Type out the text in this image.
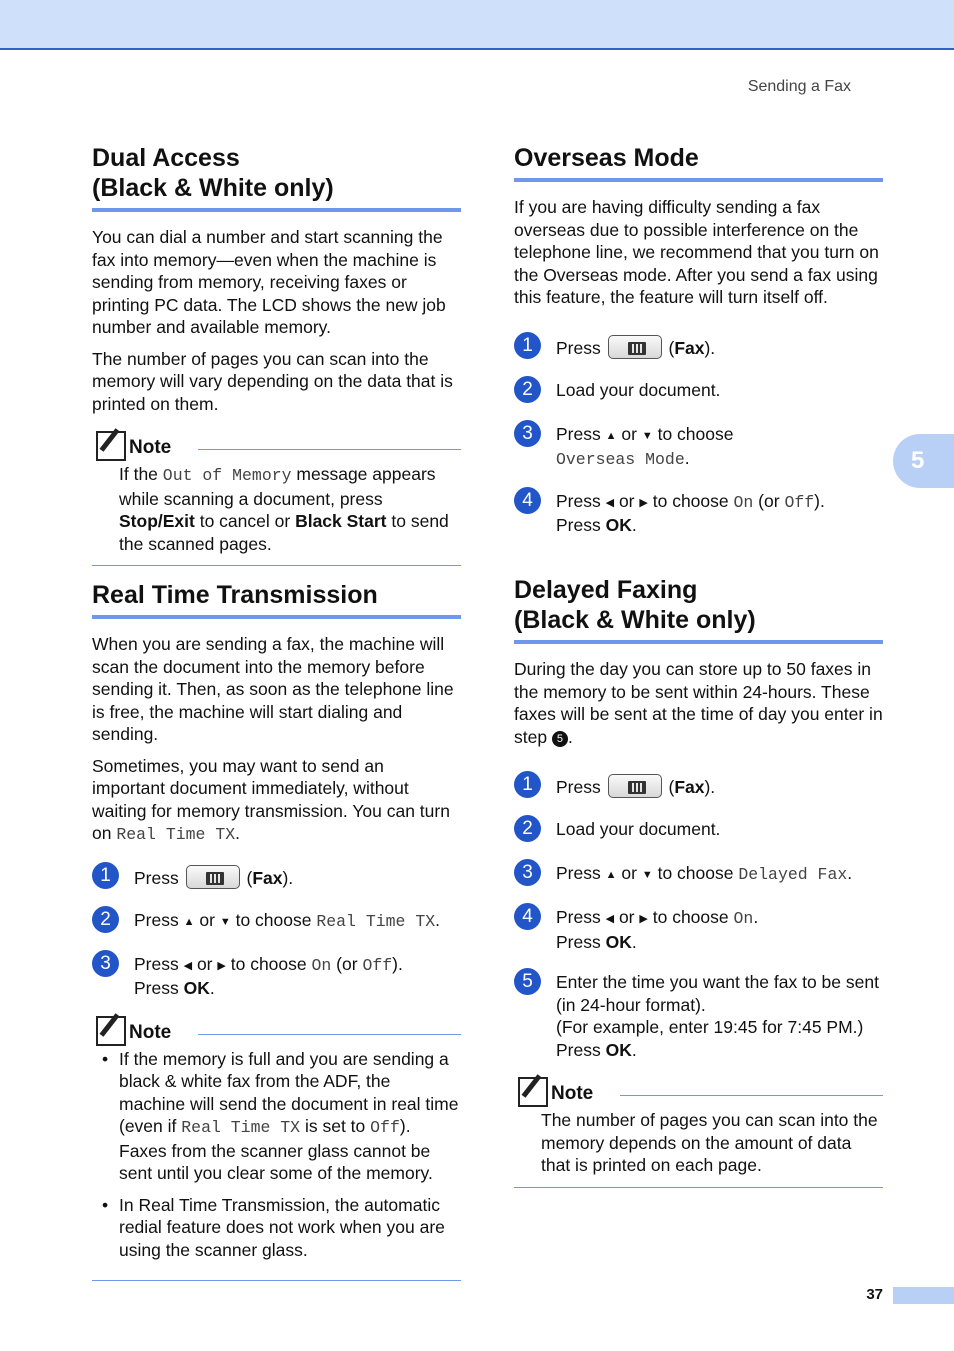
Sending a Fax
5
37
Dual Access
(Black & White only)

You can dial a number and start scanning the fax into memory—even when the machine is sending from memory, receiving faxes or printing PC data. The LCD shows the new job number and available memory.

The number of pages you can scan into the memory will vary depending on the data that is printed on them.

Note
If the Out of Memory message appears while scanning a document, press Stop/Exit to cancel or Black Start to send the scanned pages.
Real Time Transmission

When you are sending a fax, the machine will scan the document into the memory before sending it. Then, as soon as the telephone line is free, the machine will start dialing and sending.

Sometimes, you may want to send an important document immediately, without waiting for memory transmission. You can turn on Real Time TX.

1	Press	(Fax).
2	Press ▲ or ▼ to choose Real Time TX.
3	Press ◀ or ▶ to choose On (or Off).
Press OK.
Note
• If the memory is full and you are sending a black & white fax from the ADF, the machine will send the document in real time (even if Real Time TX is set to Off). Faxes from the scanner glass cannot be sent until you clear some of the memory.
• In Real Time Transmission, the automatic redial feature does not work when you are using the scanner glass.
Overseas Mode

If you are having difficulty sending a fax overseas due to possible interference on the telephone line, we recommend that you turn on the Overseas mode. After you send a fax using this feature, the feature will turn itself off.

1	Press	(Fax).
2	Load your document.
3	Press ▲ or ▼ to choose
Overseas Mode.
4	Press ◀ or ▶ to choose On (or Off).
Press OK.
Delayed Faxing
(Black & White only)

During the day you can store up to 50 faxes in the memory to be sent within 24-hours. These faxes will be sent at the time of day you enter in step 5 .

1	Press	(Fax).
2	Load your document.
3	Press ▲ or ▼ to choose Delayed Fax.
4	Press ◀ or ▶ to choose On.
Press OK.
5	Enter the time you want the fax to be sent (in 24-hour format).
(For example, enter 19:45 for 7:45 PM.)
Press OK.
Note
The number of pages you can scan into the memory depends on the amount of data that is printed on each page.
